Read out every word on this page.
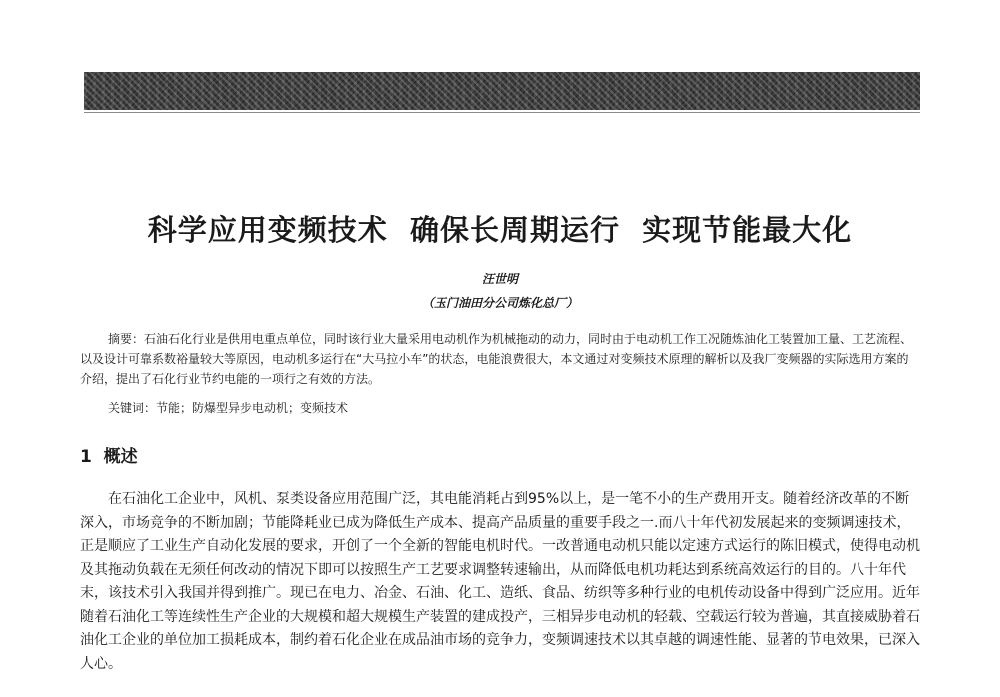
科学应用变频技术  确保长周期运行  实现节能最大化
汪世明
（玉门油田分公司炼化总厂）

摘要：石油石化行业是供用电重点单位，同时该行业大量采用电动机作为机械拖动的动力，同时由于电动机工作工况随炼油化工装置加工量、工艺流程、以及设计可靠系数裕量较大等原因，电动机多运行在“大马拉小车”的状态，电能浪费很大，本文通过对变频技术原理的解析以及我厂变频器的实际选用方案的介绍，提出了石化行业节约电能的一项行之有效的方法。

关键词：节能；防爆型异步电动机；变频技术
1  概述

在石油化工企业中，风机、泵类设备应用范围广泛，其电能消耗占到95%以上，是一笔不小的生产费用开支。随着经济改革的不断深入，市场竞争的不断加剧；节能降耗业已成为降低生产成本、提高产品质量的重要手段之一.而八十年代初发展起来的变频调速技术，正是顺应了工业生产自动化发展的要求，开创了一个全新的智能电机时代。一改普通电动机只能以定速方式运行的陈旧模式，使得电动机及其拖动负载在无须任何改动的情况下即可以按照生产工艺要求调整转速输出，从而降低电机功耗达到系统高效运行的目的。八十年代末，该技术引入我国并得到推广。现已在电力、冶金、石油、化工、造纸、食品、纺织等多种行业的电机传动设备中得到广泛应用。近年随着石油化工等连续性生产企业的大规模和超大规模生产装置的建成投产，三相异步电动机的轻载、空载运行较为普遍，其直接威胁着石油化工企业的单位加工损耗成本，制约着石化企业在成品油市场的竞争力，变频调速技术以其卓越的调速性能、显著的节电效果，已深入人心。
